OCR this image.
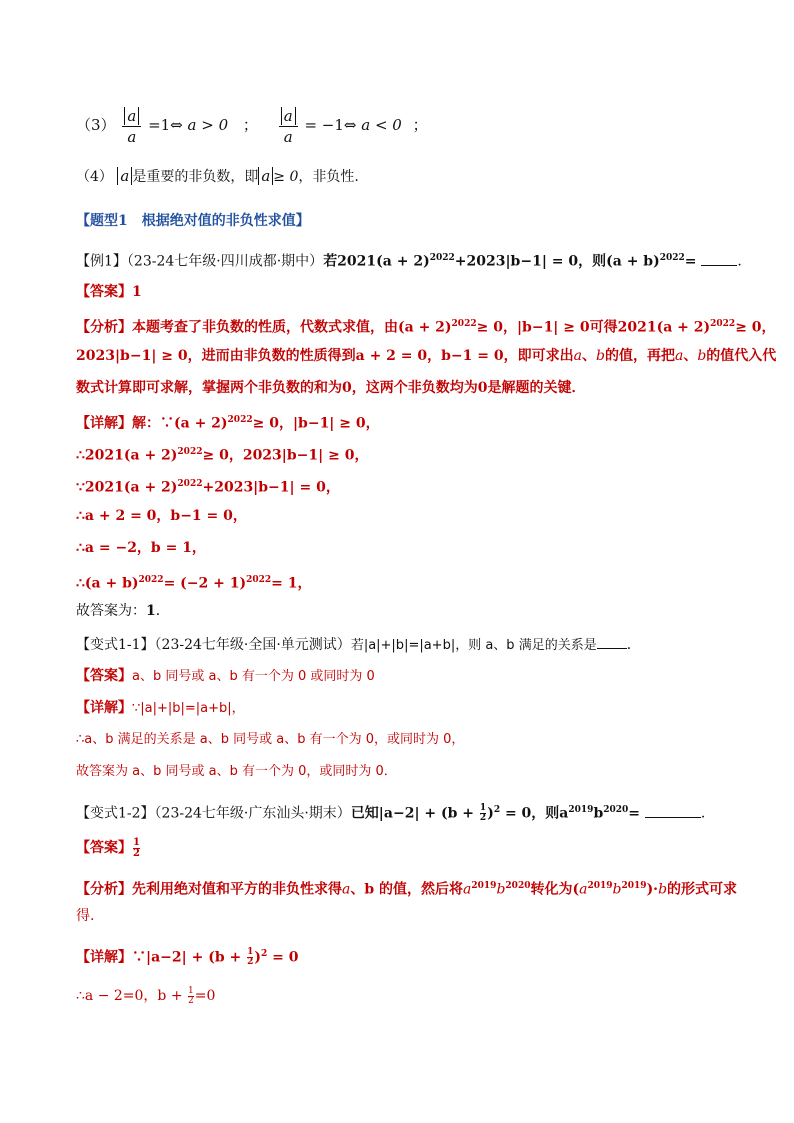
$(3) \frac{a}{a}$ =1⇔ a > 0 ； $\frac{a}{a}$ = −1⇔ a < 0 ；
（4） a 是重要的非负数，即 a ≥ 0，非负性.
【题型1　根据绝对值的非负性求值】
【例1】（23-24七年级·四川成都·期中）若$2021(a + 2)^{2022}+2023|b-1| = 0$，则$(a + b)^{2022}=$	.
【答案】1
【分析】本题考查了非负数的性质，代数式求值，由$(a + 2)^{2022}\ge 0$，|b−1| ≥ 0可得$2021(a + 2)^{2022}\ge 0$，
2023|b−1| ≥ 0，进而由非负数的性质得到a + 2 = 0，b−1 = 0，即可求出a、b的值，再把a、b的值代入代
数式计算即可求解，掌握两个非负数的和为0，这两个非负数均为0是解题的关键．
【详解】解：∵(a + 2)$^{2022}$≥ 0，|b−1| ≥ 0，
∴2021(a + 2)$^{2022}$≥ 0，2023|b−1| ≥ 0，
∵2021(a + 2)$^{2022}$+2023|b−1| = 0，
∴a + 2 = 0，b−1 = 0，
∴a = −2，b = 1，
∴(a + $b)^{2022}= (-2 + 1)^{2022}= 1$，
故答案为：1．
【变式1-1】（23-24七年级·全国·单元测试）若|a|+|b|=|a+b|，则 a、b 满足的关系是 ．
【答案】a、b 同号或 a、b 有一个为 0 或同时为 0
【详解】∵|a|+|b|=|a+b|，
∴a、b 满足的关系是 a、b 同号或 a、b 有一个为 0，或同时为 0，
故答案为 a、b 同号或 a、b 有一个为 0，或同时为 0．
【变式1-2】（23-24七年级·广东汕头·期末）已知$|a-2| + (b + \frac{1}{2} )^2 = 0$，则$a^{2019}b^{2020}=$	．
【答案】 $\frac{1}{2}$
【分析】先利用绝对值和平方的非负性求得a、b 的值，然后将$a^{2019}b^{2020}$转化为$(a^{2019}b^{2019})\cdot b$的形式可求
得.
【详解】∵|a−2| + $(b + \frac{1}{2} )^2 = 0$
∴a − 2=0，$b + \frac{1}{2} =0$
